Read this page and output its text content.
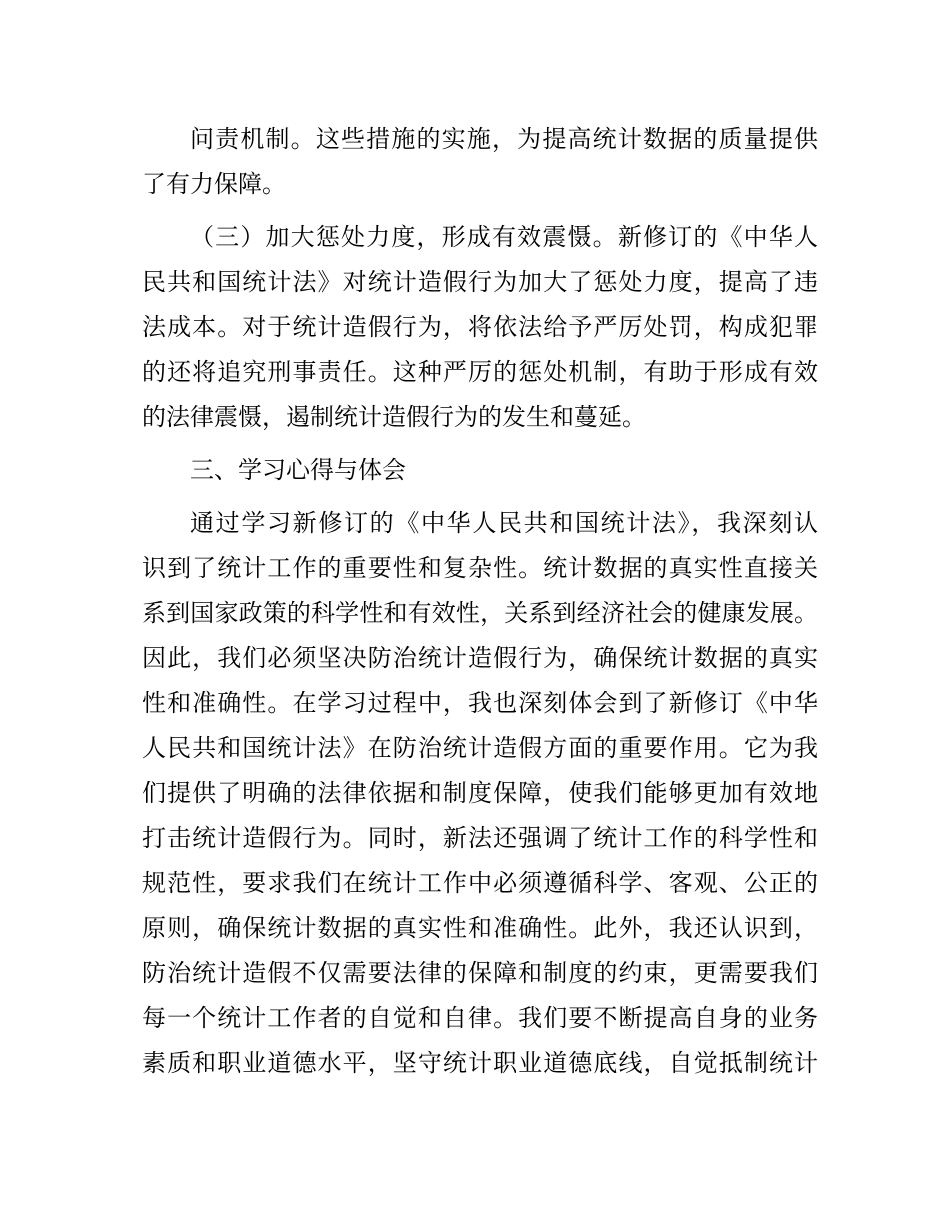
问责机制。这些措施的实施，为提高统计数据的质量提供
了有力保障。
（三）加大惩处力度，形成有效震慑。新修订的《中华人
民共和国统计法》对统计造假行为加大了惩处力度，提高了违
法成本。对于统计造假行为，将依法给予严厉处罚，构成犯罪
的还将追究刑事责任。这种严厉的惩处机制，有助于形成有效
的法律震慑，遏制统计造假行为的发生和蔓延。
三、学习心得与体会
通过学习新修订的《中华人民共和国统计法》，我深刻认
识到了统计工作的重要性和复杂性。统计数据的真实性直接关
系到国家政策的科学性和有效性，关系到经济社会的健康发展。
因此，我们必须坚决防治统计造假行为，确保统计数据的真实
性和准确性。在学习过程中，我也深刻体会到了新修订《中华
人民共和国统计法》在防治统计造假方面的重要作用。它为我
们提供了明确的法律依据和制度保障，使我们能够更加有效地
打击统计造假行为。同时，新法还强调了统计工作的科学性和
规范性，要求我们在统计工作中必须遵循科学、客观、公正的
原则，确保统计数据的真实性和准确性。此外，我还认识到，
防治统计造假不仅需要法律的保障和制度的约束，更需要我们
每一个统计工作者的自觉和自律。我们要不断提高自身的业务
素质和职业道德水平，坚守统计职业道德底线，自觉抵制统计
